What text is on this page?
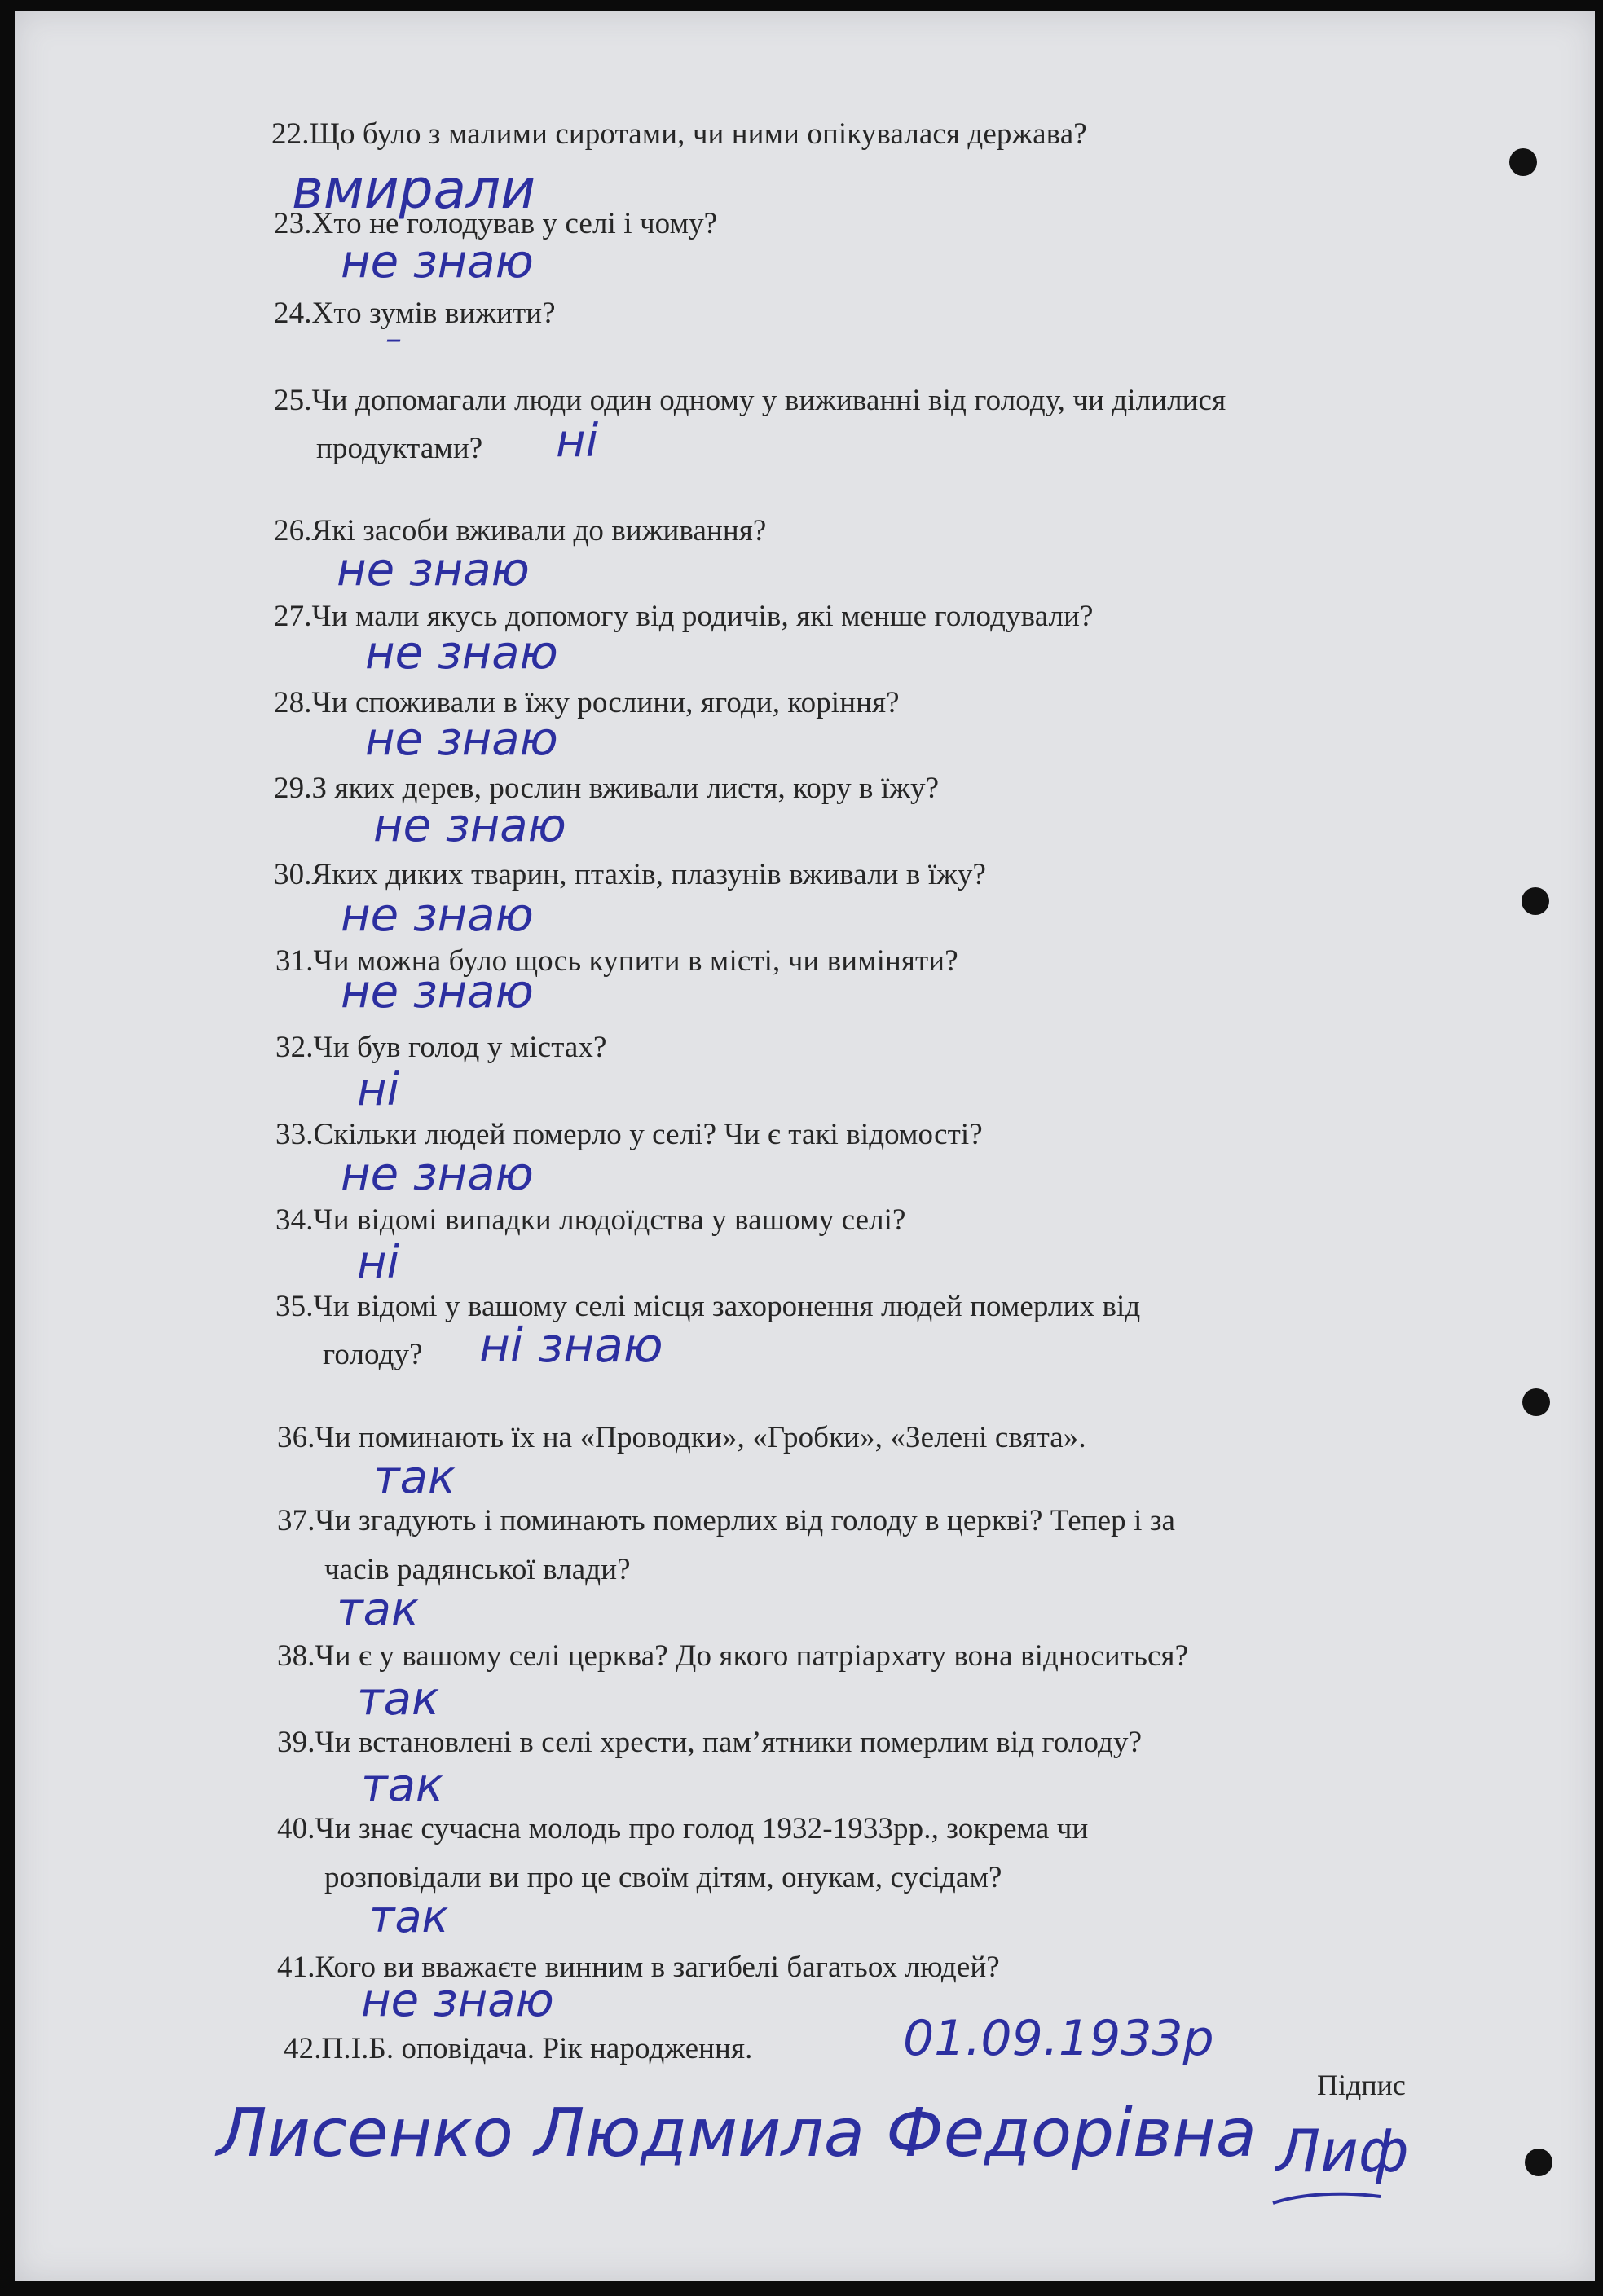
22.Що було з малими сиротами, чи ними опікувалася держава?
вмирали
23.Хто не голодував у селі і чому?
не знаю
24.Хто зумів вижити?
–
25.Чи допомагали люди один одному у виживанні від голоду, чи ділилися
продуктами? ні
26.Які засоби вживали до виживання?
не знаю
27.Чи мали якусь допомогу від родичів, які менше голодували?
не знаю
28.Чи споживали в їжу рослини, ягоди, коріння?
не знаю
29.З яких дерев, рослин вживали листя, кору в їжу?
не знаю
30.Яких диких тварин, птахів, плазунів вживали в їжу?
не знаю
31.Чи можна було щось купити в місті, чи виміняти?
не знаю
32.Чи був голод у містах?
ні
33.Скільки людей померло у селі? Чи є такі відомості?
не знаю
34.Чи відомі випадки людоїдства у вашому селі?
ні
35.Чи відомі у вашому селі місця захоронення людей померлих від
голоду? ні знаю
36.Чи поминають їх на «Проводки», «Гробки», «Зелені свята».
так
37.Чи згадують і поминають померлих від голоду в церкві? Тепер і за
часів радянської влади?
так
38.Чи є у вашому селі церква? До якого патріархату вона відноситься?
так
39.Чи встановлені в селі хрести, пам’ятники померлим від голоду?
так
40.Чи знає сучасна молодь про голод 1932-1933рр., зокрема чи
розповідали ви про це своїм дітям, онукам, сусідам?
так
41.Кого ви вважаєте винним в загибелі багатьох людей?
не знаю
42.П.І.Б. оповідача. Рік народження.	01.09.1933р
Лисенко Людмила Федорівна
Підпис
Лиф
